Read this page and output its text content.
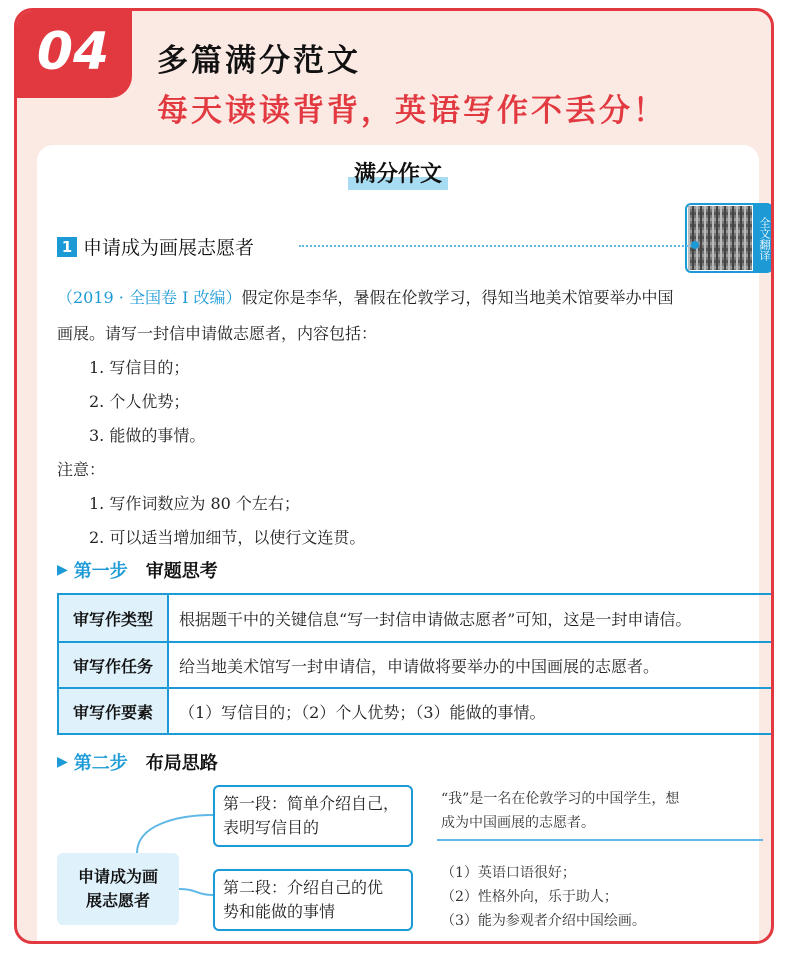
04	多篇满分范文
每天读读背背，英语写作不丢分！
满分作文
全文翻译
1 申请成为画展志愿者
（2019 · 全国卷 Ⅰ 改编）假定你是李华，暑假在伦敦学习，得知当地美术馆要举办中国
画展。请写一封信申请做志愿者，内容包括：
1. 写信目的；
2. 个人优势；
3. 能做的事情。
注意：
1. 写作词数应为 80 个左右；
2. 可以适当增加细节，以使行文连贯。
▶ 第一步 审题思考
审写作类型	根据题干中的关键信息“写一封信申请做志愿者”可知，这是一封申请信。
审写作任务	给当地美术馆写一封申请信，申请做将要举办的中国画展的志愿者。
审写作要素	（1）写信目的；（2）个人优势；（3）能做的事情。
▶ 第二步 布局思路
申请成为画
展志愿者
第一段：简单介绍自己，
表明写信目的
“我”是一名在伦敦学习的中国学生，想
成为中国画展的志愿者。
第二段：介绍自己的优
势和能做的事情
（1）英语口语很好；
（2）性格外向，乐于助人；
（3）能为参观者介绍中国绘画。
